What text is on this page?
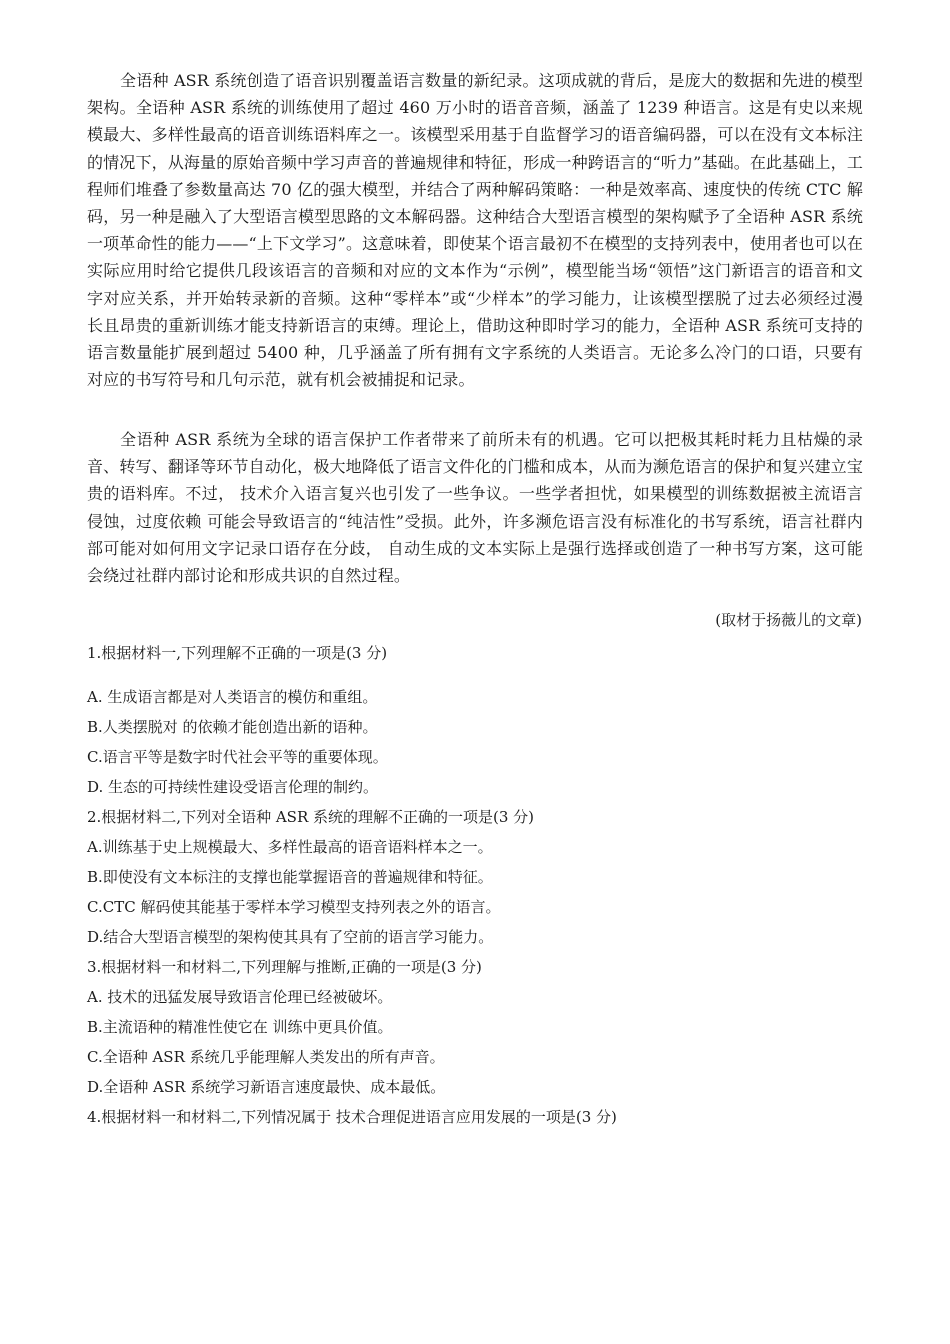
全语种 ASR 系统创造了语音识别覆盖语言数量的新纪录。这项成就的背后，是庞大的数据和先进的模型架构。全语种 ASR 系统的训练使用了超过 460 万小时的语音音频，涵盖了 1239 种语言。这是有史以来规模最大、多样性最高的语音训练语料库之一。该模型采用基于自监督学习的语音编码器，可以在没有文本标注的情况下，从海量的原始音频中学习声音的普遍规律和特征，形成一种跨语言的“听力”基础。在此基础上，工程师们堆叠了参数量高达 70 亿的强大模型，并结合了两种解码策略：一种是效率高、速度快的传统 CTC 解码，另一种是融入了大型语言模型思路的文本解码器。这种结合大型语言模型的架构赋予了全语种 ASR 系统一项革命性的能力——“上下文学习”。这意味着，即使某个语言最初不在模型的支持列表中，使用者也可以在实际应用时给它提供几段该语言的音频和对应的文本作为“示例”，模型能当场“领悟”这门新语言的语音和文字对应关系，并开始转录新的音频。这种“零样本”或“少样本”的学习能力，让该模型摆脱了过去必须经过漫长且昂贵的重新训练才能支持新语言的束缚。理论上，借助这种即时学习的能力，全语种 ASR 系统可支持的语言数量能扩展到超过 5400 种，几乎涵盖了所有拥有文字系统的人类语言。无论多么冷门的口语，只要有对应的书写符号和几句示范，就有机会被捕捉和记录。

全语种 ASR 系统为全球的语言保护工作者带来了前所未有的机遇。它可以把极其耗时耗力且枯燥的录音、转写、翻译等环节自动化，极大地降低了语言文件化的门槛和成本，从而为濒危语言的保护和复兴建立宝贵的语料库。不过， 技术介入语言复兴也引发了一些争议。一些学者担忧，如果模型的训练数据被主流语言侵蚀，过度依赖 可能会导致语言的“纯洁性”受损。此外，许多濒危语言没有标准化的书写系统，语言社群内部可能对如何用文字记录口语存在分歧， 自动生成的文本实际上是强行选择或创造了一种书写方案，这可能会绕过社群内部讨论和形成共识的自然过程。

(取材于扬薇儿的文章)

1.根据材料一,下列理解不正确的一项是(3 分)

A. 生成语言都是对人类语言的模仿和重组。

B.人类摆脱对 的依赖才能创造出新的语种。

C.语言平等是数字时代社会平等的重要体现。

D. 生态的可持续性建设受语言伦理的制约。

2.根据材料二,下列对全语种 ASR 系统的理解不正确的一项是(3 分)

A.训练基于史上规模最大、多样性最高的语音语料样本之一。

B.即使没有文本标注的支撑也能掌握语音的普遍规律和特征。

C.CTC 解码使其能基于零样本学习模型支持列表之外的语言。

D.结合大型语言模型的架构使其具有了空前的语言学习能力。

3.根据材料一和材料二,下列理解与推断,正确的一项是(3 分)

A. 技术的迅猛发展导致语言伦理已经被破坏。

B.主流语种的精准性使它在 训练中更具价值。

C.全语种 ASR 系统几乎能理解人类发出的所有声音。

D.全语种 ASR 系统学习新语言速度最快、成本最低。

4.根据材料一和材料二,下列情况属于 技术合理促进语言应用发展的一项是(3 分)
